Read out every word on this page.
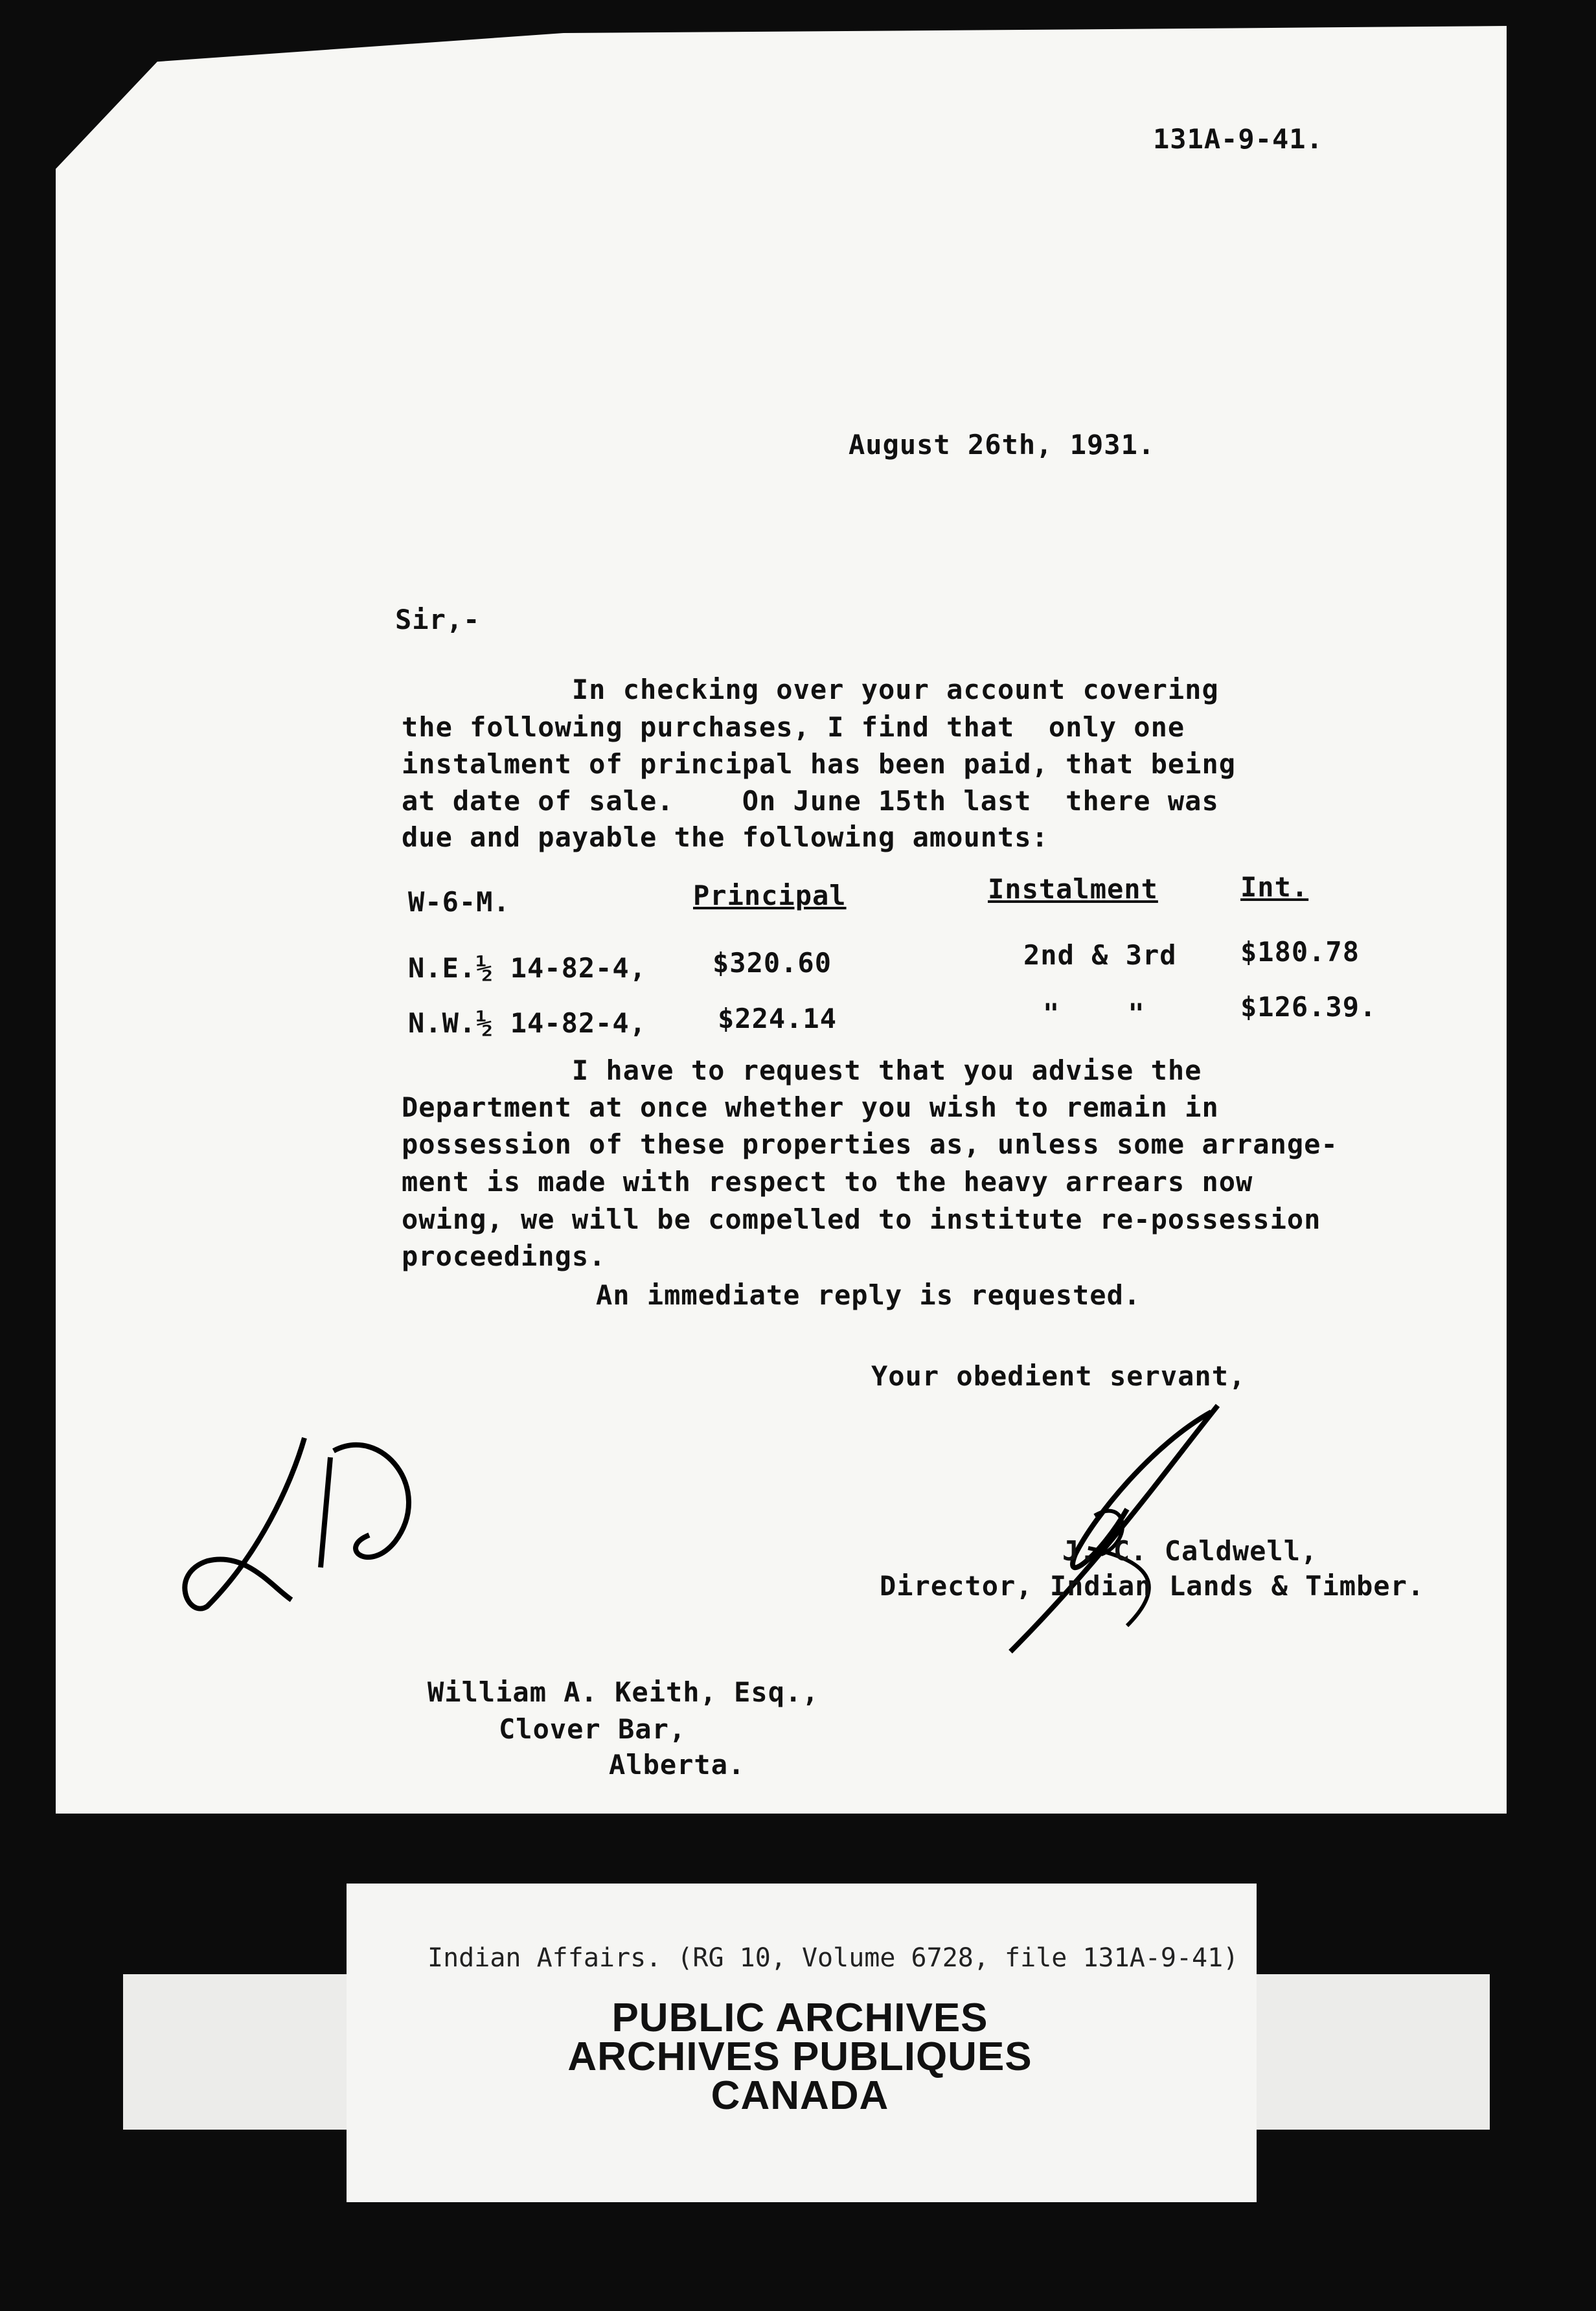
131A-9-41.
August 26th, 1931.
Sir,-
In checking over your account covering
the following purchases, I find that  only one
instalment of principal has been paid, that being
at date of sale.    On June 15th last  there was
due and payable the following amounts:
W-6-M.	Principal	Instalment	Int.
N.E.½ 14-82-4, $320.60	2nd & 3rd $180.78
N.W.½ 14-82-4,	$224.14	"    "	$126.39.
I have to request that you advise the
Department at once whether you wish to remain in
possession of these properties as, unless some arrange-
ment is made with respect to the heavy arrears now
owing, we will be compelled to institute re-possession
proceedings.
An immediate reply is requested.
Your obedient servant,
J. C. Caldwell,
Director, Indian Lands & Timber.
William A. Keith, Esq.,
Clover Bar,
Alberta.
Indian Affairs. (RG 10, Volume 6728, file 131A-9-41)
PUBLIC ARCHIVES
ARCHIVES PUBLIQUES
CANADA
